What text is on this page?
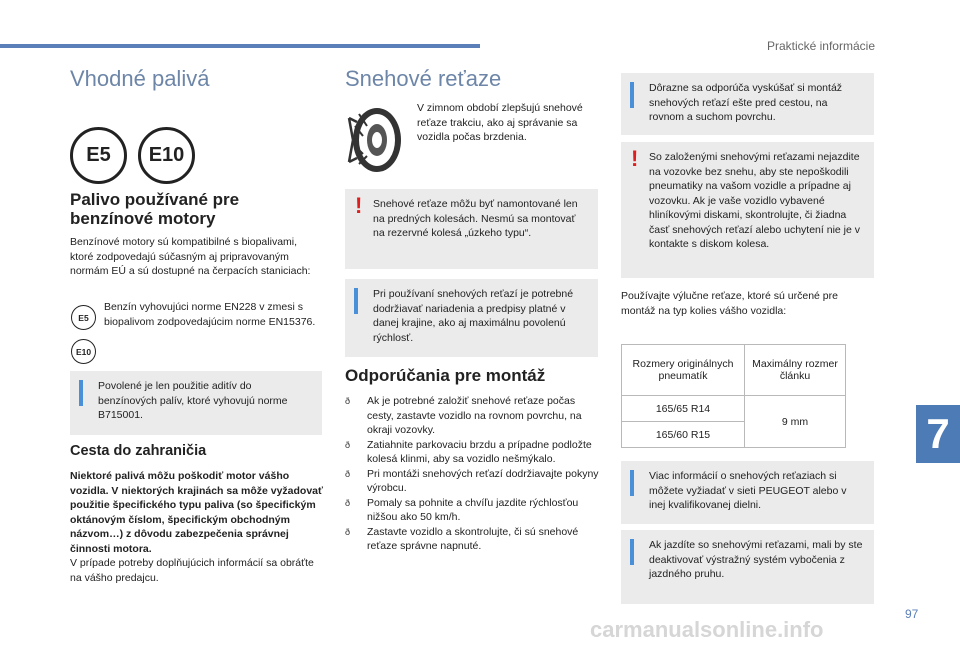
Praktické informácie
Vhodné palivá
E5	E10
Palivo používané pre benzínové motory
Benzínové motory sú kompatibilné s biopalivami, ktoré zodpovedajú súčasným aj pripravovaným normám EÚ a sú dostupné na čerpacích staniciach:
E5
E10
Benzín vyhovujúci norme EN228 v zmesi s biopalivom zodpovedajúcim norme EN15376.
Povolené je len použitie aditív do benzínových palív, ktoré vyhovujú norme B715001.
Cesta do zahraničia
Niektoré palivá môžu poškodiť motor vášho vozidla. V niektorých krajinách sa môže vyžadovať použitie špecifického typu paliva (so špecifickým oktánovým číslom, špecifickým obchodným názvom…) z dôvodu zabezpečenia správnej činnosti motora.
V prípade potreby doplňujúcich informácií sa obráťte na vášho predajcu.
Snehové reťaze
V zimnom období zlepšujú snehové reťaze trakciu, ako aj správanie sa vozidla počas brzdenia.
! Snehové reťaze môžu byť namontované len na predných kolesách. Nesmú sa montovať na rezervné kolesá „úzkeho typu“.
Pri používaní snehových reťazí je potrebné dodržiavať nariadenia a predpisy platné v danej krajine, ako aj maximálnu povolenú rýchlosť.
Odporúčania pre montáž
ð Ak je potrebné založiť snehové reťaze počas cesty, zastavte vozidlo na rovnom povrchu, na okraji vozovky.
ð Zatiahnite parkovaciu brzdu a prípadne podložte kolesá klinmi, aby sa vozidlo nešmýkalo.
ð Pri montáži snehových reťazí dodržiavajte pokyny výrobcu.
ð Pomaly sa pohnite a chvíľu jazdite rýchlosťou nižšou ako 50 km/h.
ð Zastavte vozidlo a skontrolujte, či sú snehové reťaze správne napnuté.
Dôrazne sa odporúča vyskúšať si montáž snehových reťazí ešte pred cestou, na rovnom a suchom povrchu.
! So založenými snehovými reťazami nejazdite na vozovke bez snehu, aby ste nepoškodili pneumatiky na vašom vozidle a prípadne aj vozovku. Ak je vaše vozidlo vybavené hliníkovými diskami, skontrolujte, či žiadna časť snehových reťazí alebo uchytení nie je v kontakte s diskom kolesa.
Používajte výlučne reťaze, ktoré sú určené pre montáž na typ kolies vášho vozidla:
Rozmery originálnych pneumatík	Maximálny rozmer článku
165/65 R14	9 mm
165/60 R15	
Viac informácií o snehových reťaziach si môžete vyžiadať v sieti PEUGEOT alebo v inej kvalifikovanej dielni.
Ak jazdíte so snehovými reťazami, mali by ste deaktivovať výstražný systém vybočenia z jazdného pruhu.
7
97
carmanualsonline.info
